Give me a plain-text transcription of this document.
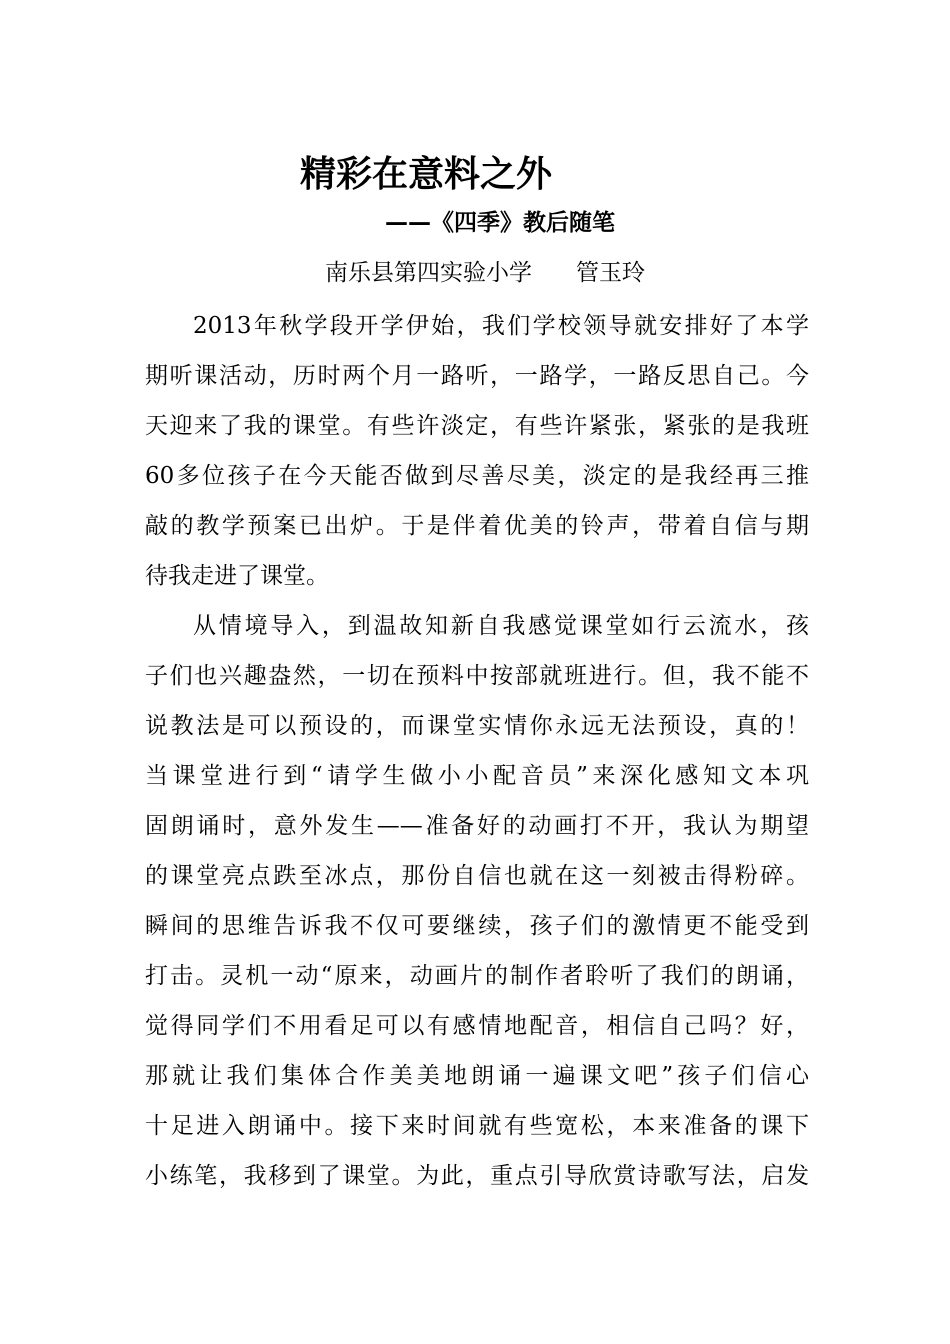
精彩在意料之外
——《四季》教后随笔
南乐县第四实验小学 管玉玲
2013年秋学段开学伊始，我们学校领导就安排好了本学
期听课活动，历时两个月一路听，一路学，一路反思自己。今
天迎来了我的课堂。有些许淡定，有些许紧张，紧张的是我班
60多位孩子在今天能否做到尽善尽美，淡定的是我经再三推
敲的教学预案已出炉。于是伴着优美的铃声，带着自信与期
待我走进了课堂。
从情境导入，到温故知新自我感觉课堂如行云流水，孩
子们也兴趣盎然，一切在预料中按部就班进行。但，我不能不
说教法是可以预设的，而课堂实情你永远无法预设，真的！
当课堂进行到“请学生做小小配音员”来深化感知文本巩
固朗诵时，意外发生——准备好的动画打不开，我认为期望
的课堂亮点跌至冰点，那份自信也就在这一刻被击得粉碎。
瞬间的思维告诉我不仅可要继续，孩子们的激情更不能受到
打击。灵机一动“原来，动画片的制作者聆听了我们的朗诵，
觉得同学们不用看足可以有感情地配音，相信自己吗？好，
那就让我们集体合作美美地朗诵一遍课文吧”孩子们信心
十足进入朗诵中。接下来时间就有些宽松，本来准备的课下
小练笔，我移到了课堂。为此，重点引导欣赏诗歌写法，启发
